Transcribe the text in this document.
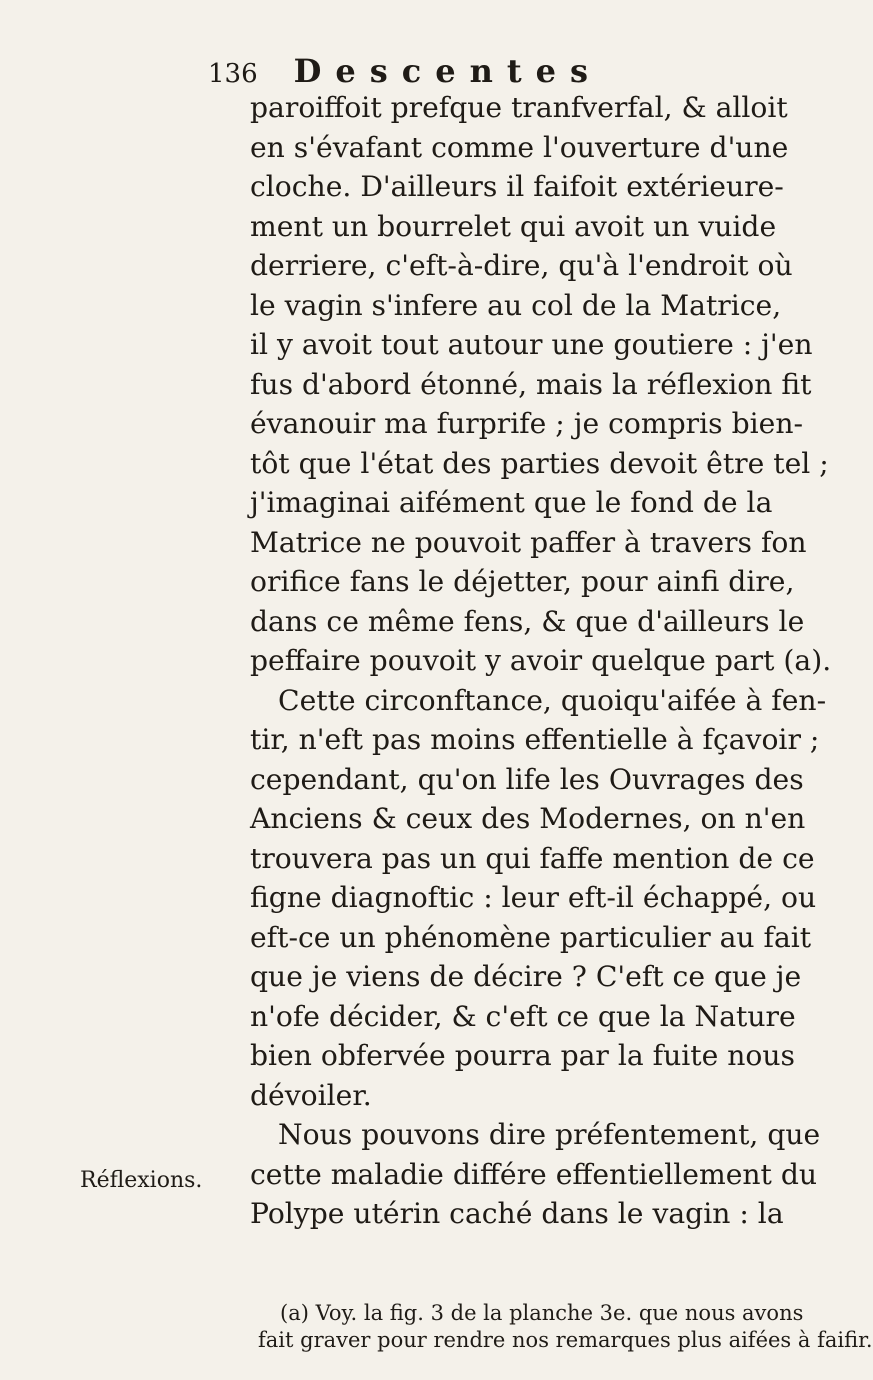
136 Descentes
paroiffoit prefque tranfverfal, & alloit
en s'évafant comme l'ouverture d'une
cloche. D'ailleurs il faifoit extérieure-
ment un bourrelet qui avoit un vuide
derriere, c'eft-à-dire, qu'à l'endroit où
le vagin s'infere au col de la Matrice,
il y avoit tout autour une goutiere : j'en
fus d'abord étonné, mais la réflexion fit
évanouir ma furprife ; je compris bien-
tôt que l'état des parties devoit être tel ;
j'imaginai aifément que le fond de la
Matrice ne pouvoit paffer à travers fon
orifice fans le déjetter, pour ainfi dire,
dans ce même fens, & que d'ailleurs le
peffaire pouvoit y avoir quelque part (a).
Cette circonftance, quoiqu'aifée à fen-
tir, n'eft pas moins effentielle à fçavoir ;
cependant, qu'on life les Ouvrages des
Anciens & ceux des Modernes, on n'en
trouvera pas un qui faffe mention de ce
figne diagnoftic : leur eft-il échappé, ou
eft-ce un phénomène particulier au fait
que je viens de décire ? C'eft ce que je
n'ofe décider, & c'eft ce que la Nature
bien obfervée pourra par la fuite nous
dévoiler.
Nous pouvons dire préfentement, que
cette maladie différe effentiellement du
Polype utérin caché dans le vagin : la
Réflexions.
(a) Voy. la fig. 3 de la planche 3e. que nous avons
fait graver pour rendre nos remarques plus aifées à faifir.
